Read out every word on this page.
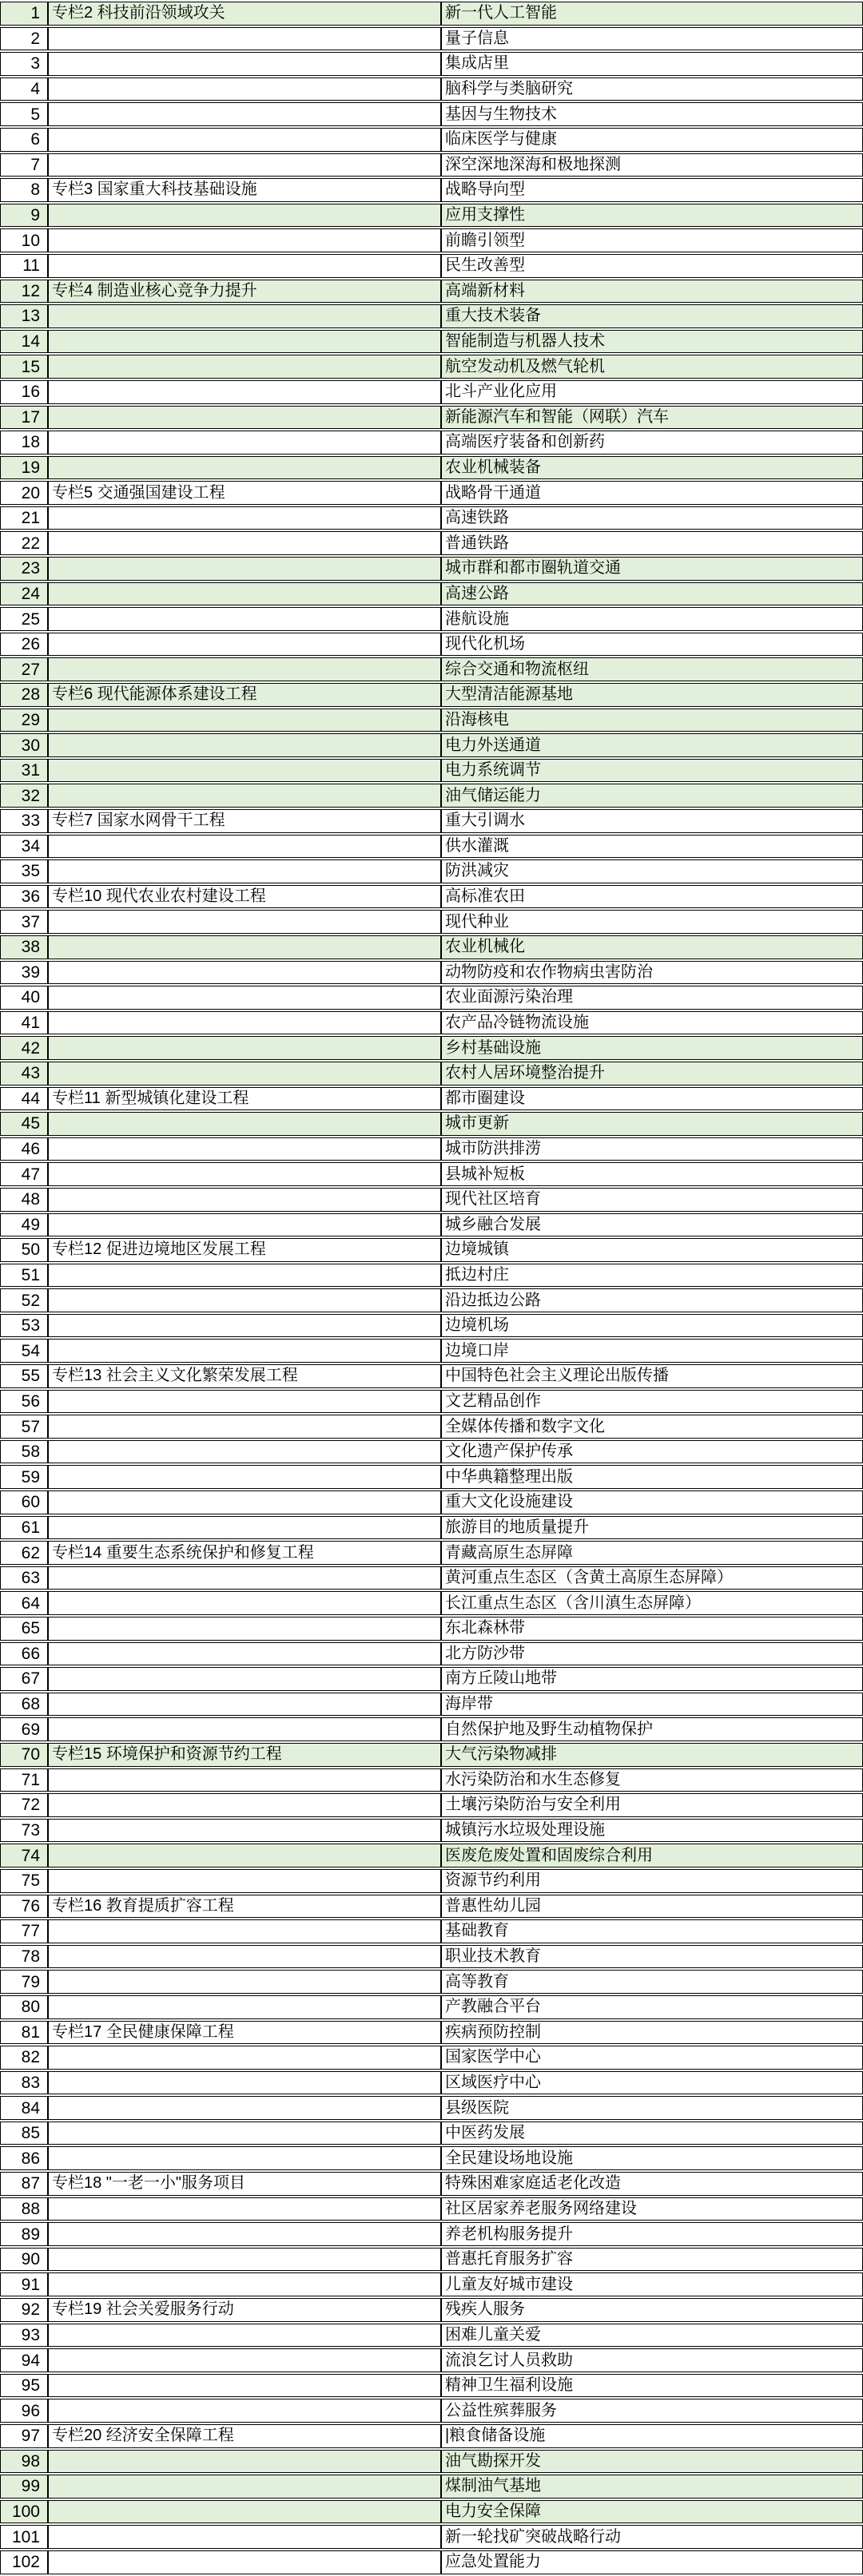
1	专栏2 科技前沿领域攻关	新一代人工智能
2		量子信息
3		集成店里
4		脑科学与类脑研究
5		基因与生物技术
6		临床医学与健康
7		深空深地深海和极地探测
8	专栏3 国家重大科技基础设施	战略导向型
9		应用支撑性
10		前瞻引领型
11		民生改善型
12	专栏4 制造业核心竞争力提升	高端新材料
13		重大技术装备
14		智能制造与机器人技术
15		航空发动机及燃气轮机
16		北斗产业化应用
17		新能源汽车和智能（网联）汽车
18		高端医疗装备和创新药
19		农业机械装备
20	专栏5 交通强国建设工程	战略骨干通道
21		高速铁路
22		普通铁路
23		城市群和都市圈轨道交通
24		高速公路
25		港航设施
26		现代化机场
27		综合交通和物流枢纽
28	专栏6 现代能源体系建设工程	大型清洁能源基地
29		沿海核电
30		电力外送通道
31		电力系统调节
32		油气储运能力
33	专栏7 国家水网骨干工程	重大引调水
34		供水灌溉
35		防洪减灾
36	专栏10 现代农业农村建设工程	高标准农田
37		现代种业
38		农业机械化
39		动物防疫和农作物病虫害防治
40		农业面源污染治理
41		农产品冷链物流设施
42		乡村基础设施
43		农村人居环境整治提升
44	专栏11 新型城镇化建设工程	都市圈建设
45		城市更新
46		城市防洪排涝
47		县城补短板
48		现代社区培育
49		城乡融合发展
50	专栏12 促进边境地区发展工程	边境城镇
51		抵边村庄
52		沿边抵边公路
53		边境机场
54		边境口岸
55	专栏13 社会主义文化繁荣发展工程	中国特色社会主义理论出版传播
56		文艺精品创作
57		全媒体传播和数字文化
58		文化遗产保护传承
59		中华典籍整理出版
60		重大文化设施建设
61		旅游目的地质量提升
62	专栏14 重要生态系统保护和修复工程	青藏高原生态屏障
63		黄河重点生态区（含黄土高原生态屏障）
64		长江重点生态区（含川滇生态屏障）
65		东北森林带
66		北方防沙带
67		南方丘陵山地带
68		海岸带
69		自然保护地及野生动植物保护
70	专栏15 环境保护和资源节约工程	大气污染物减排
71		水污染防治和水生态修复
72		土壤污染防治与安全利用
73		城镇污水垃圾处理设施
74		医废危废处置和固废综合利用
75		资源节约利用
76	专栏16 教育提质扩容工程	普惠性幼儿园
77		基础教育
78		职业技术教育
79		高等教育
80		产教融合平台
81	专栏17 全民健康保障工程	疾病预防控制
82		国家医学中心
83		区域医疗中心
84		县级医院
85		中医药发展
86		全民建设场地设施
87	专栏18 "一老一小"服务项目	特殊困难家庭适老化改造
88		社区居家养老服务网络建设
89		养老机构服务提升
90		普惠托育服务扩容
91		儿童友好城市建设
92	专栏19 社会关爱服务行动	残疾人服务
93		困难儿童关爱
94		流浪乞讨人员救助
95		精神卫生福利设施
96		公益性殡葬服务
97	专栏20 经济安全保障工程	|粮食储备设施
98		油气勘探开发
99		煤制油气基地
100		电力安全保障
101		新一轮找矿突破战略行动
102		应急处置能力
